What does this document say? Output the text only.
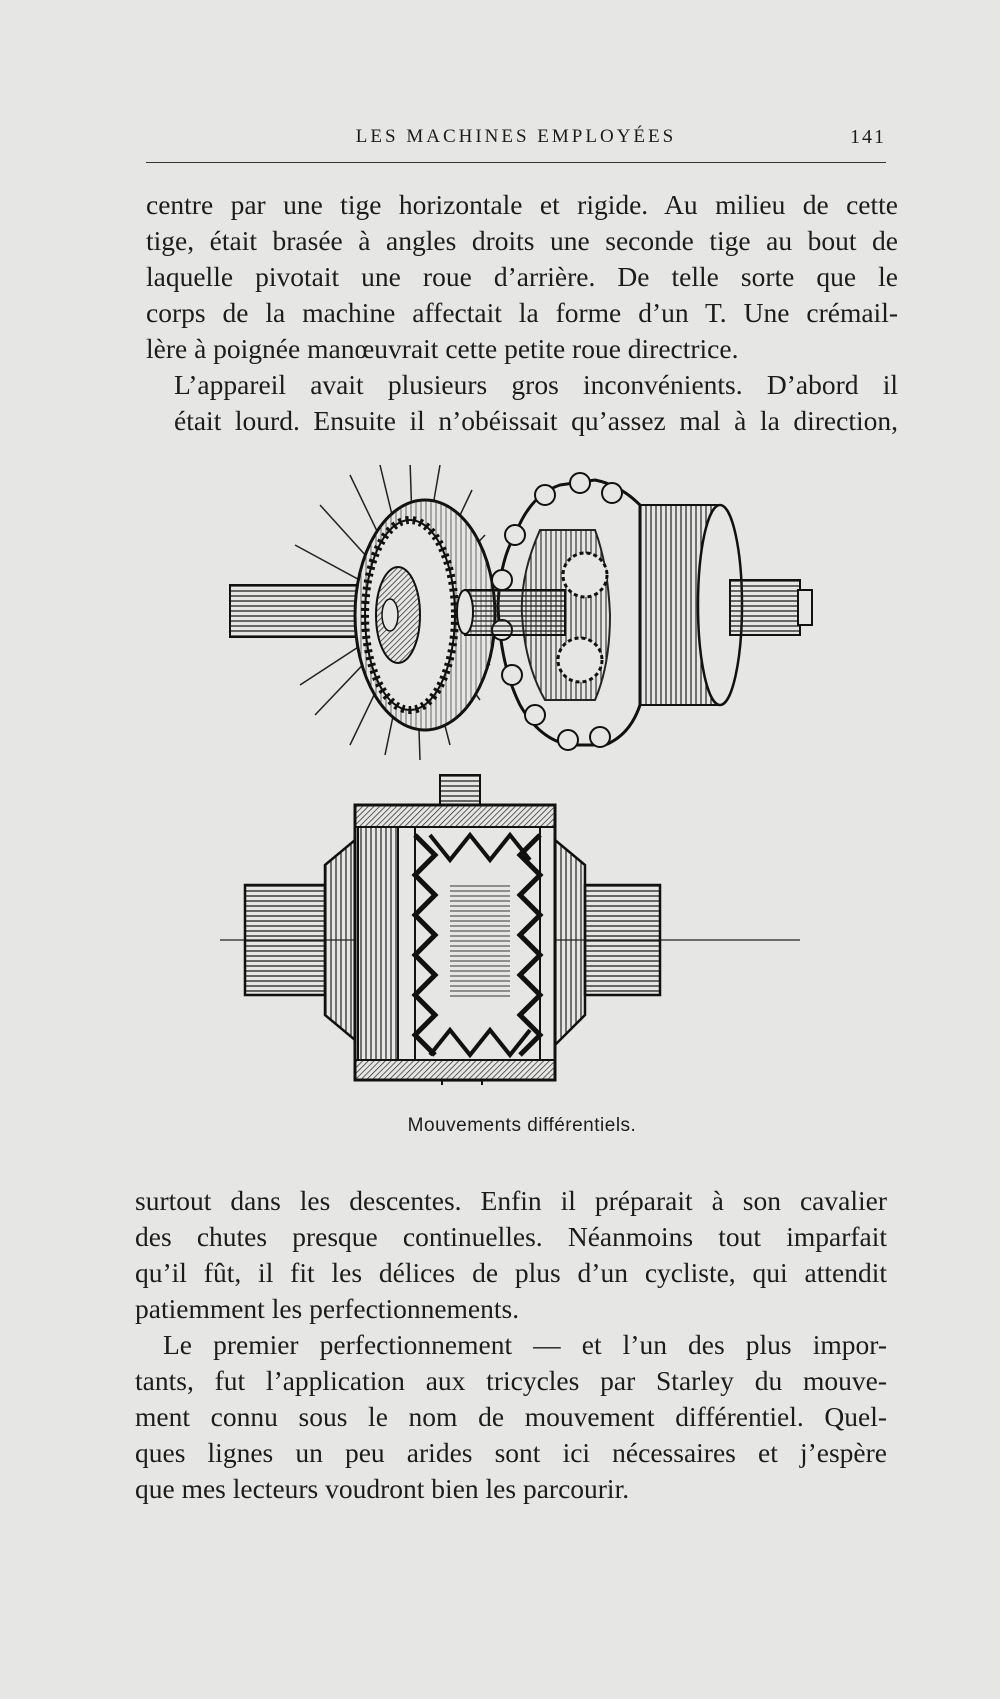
LES MACHINES EMPLOYÉES	141

centre par une tige horizontale et rigide. Au milieu de cette
tige, était brasée à angles droits une seconde tige au bout de
laquelle pivotait une roue d’arrière. De telle sorte que le
corps de la machine affectait la forme d’un T. Une crémail-
lère à poignée manœuvrait cette petite roue directrice.

L’appareil avait plusieurs gros inconvénients. D’abord il
était lourd. Ensuite il n’obéissait qu’assez mal à la direction,

Mouvements différentiels.

surtout dans les descentes. Enfin il préparait à son cavalier
des chutes presque continuelles. Néanmoins tout imparfait
qu’il fût, il fit les délices de plus d’un cycliste, qui attendit
patiemment les perfectionnements.

Le premier perfectionnement — et l’un des plus impor-
tants, fut l’application aux tricycles par Starley du mouve-
ment connu sous le nom de mouvement différentiel. Quel-
ques lignes un peu arides sont ici nécessaires et j’espère
que mes lecteurs voudront bien les parcourir.
